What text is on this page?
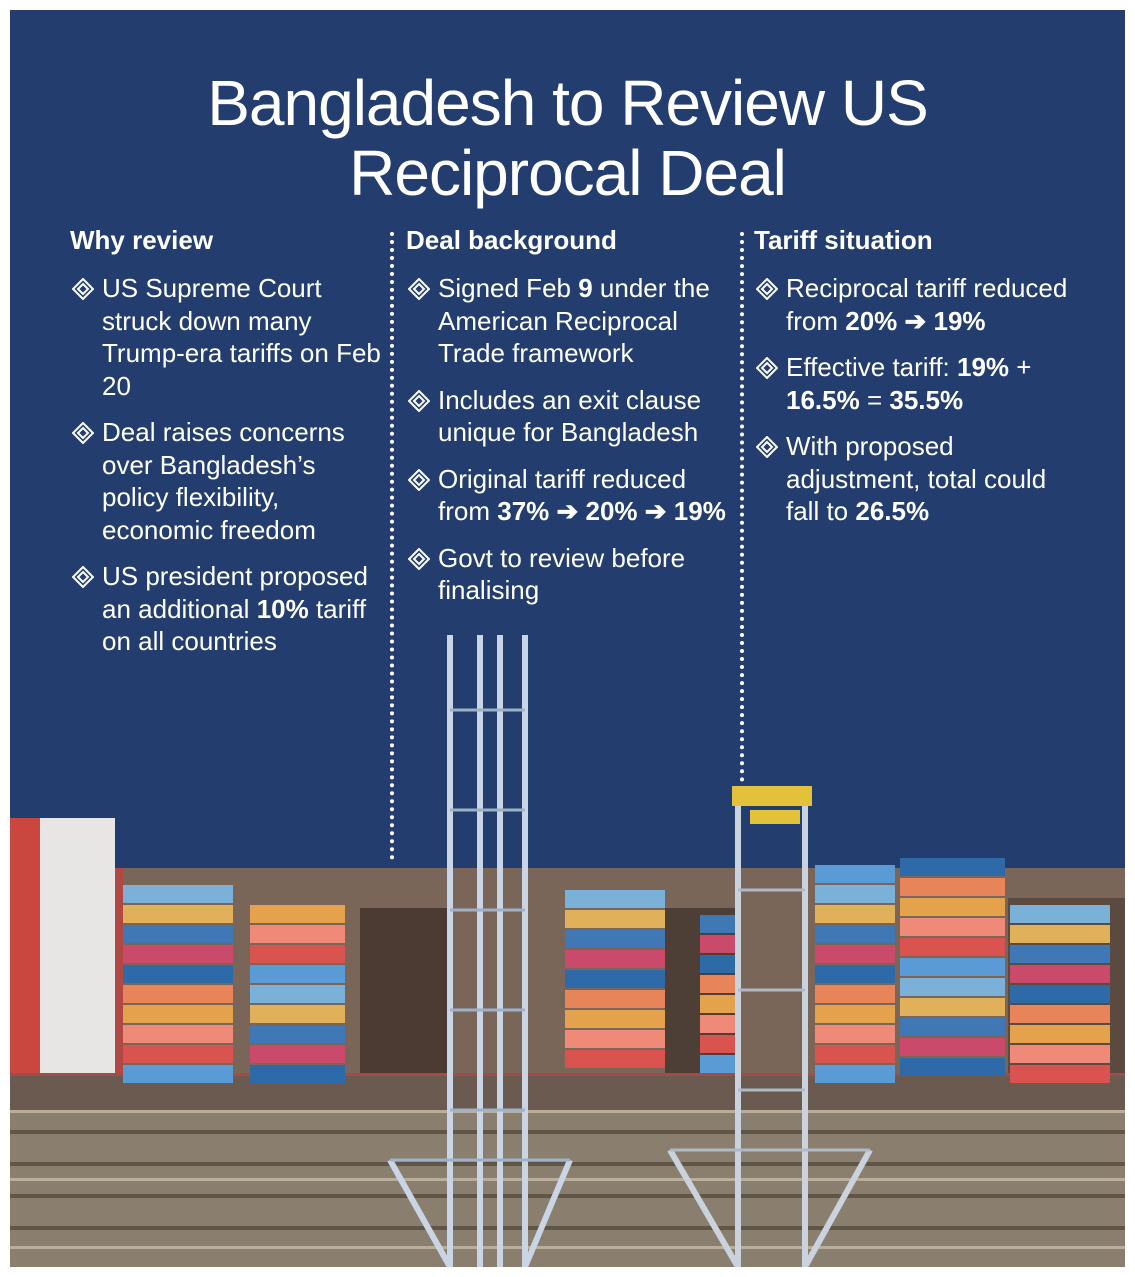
Bangladesh to Review US
Reciprocal Deal
Why review
US Supreme Court struck down many Trump-era tariffs on Feb 20
Deal raises concerns over Bangladesh’s policy flexibility, economic freedom
US president proposed an additional 10% tariff on all countries
Deal background
Signed Feb 9 under the American Reciprocal Trade framework
Includes an exit clause unique for Bangladesh
Original tariff reduced from 37% ➔ 20% ➔ 19%
Govt to review before finalising
Tariff situation
Reciprocal tariff reduced from 20% ➔ 19%
Effective tariff: 19% + 16.5% = 35.5%
With proposed adjustment, total could fall to 26.5%
